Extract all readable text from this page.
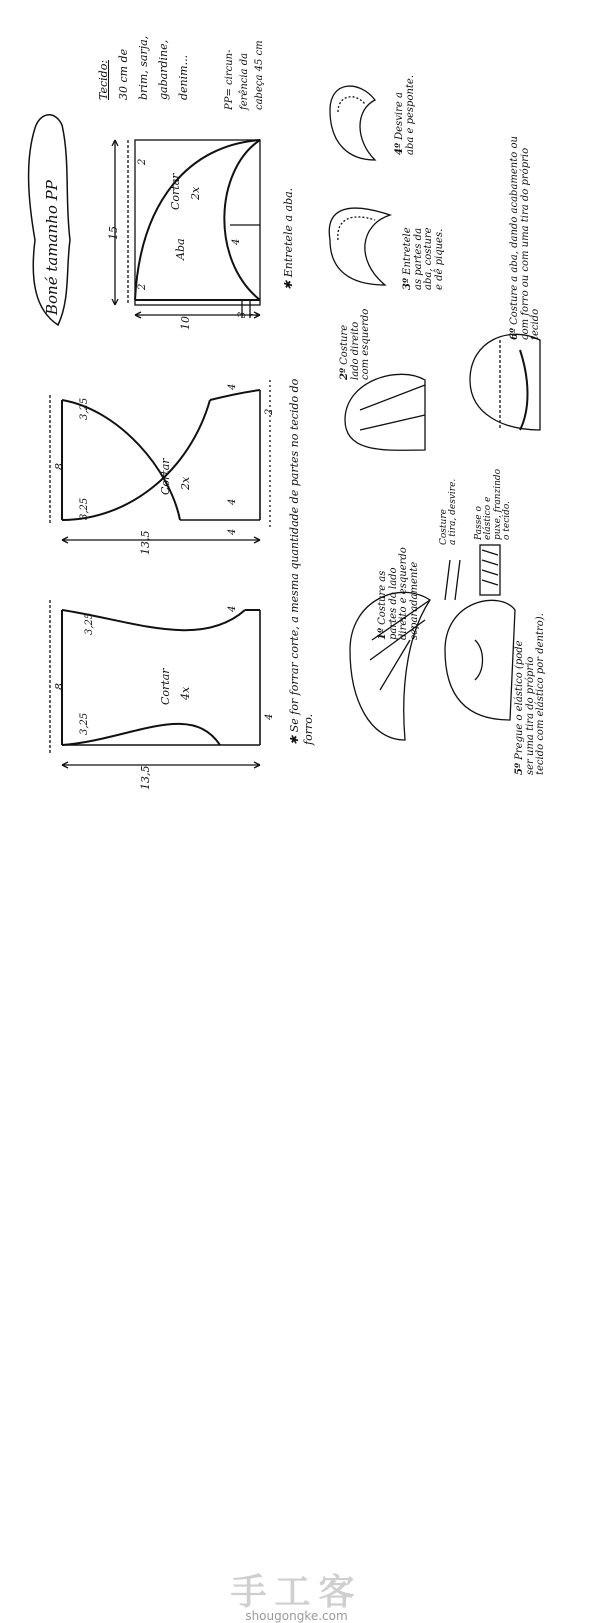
Boné tamanho PP
Tecido: 30 cm de brim, sarja, gabardine, denim...	PP= circun- ferência da cabeça 45 cm
Cortar 2x
Aba	✱ Entretele a aba.
15
10
2
2
4
3 1
Cortar 2x
8
13,5
3,25
3,25
4
2
4
4
Cortar 4x
8
13,5
3,25
3,25
4
4 ✱ Se for forrar corte, a mesma quantidade de partes no tecido do forro.
1º Costure as partes do lado direito e esquerdo separadamente
2º Costure
lado direito
com esquerdo
3º Entretele as partes da aba, costure e dê piques.
4º Desvire a aba e pesponte.
5º Pregue o elástico (pode ser uma tira do próprio tecido com elástico por dentro).
6º Costure a aba, dando acabamento ou com forro ou com uma tira do próprio tecido
Costure a tira, desvire. Passe o elástico e puxe, franzindo o tecido.
手工客
shougongke.com
